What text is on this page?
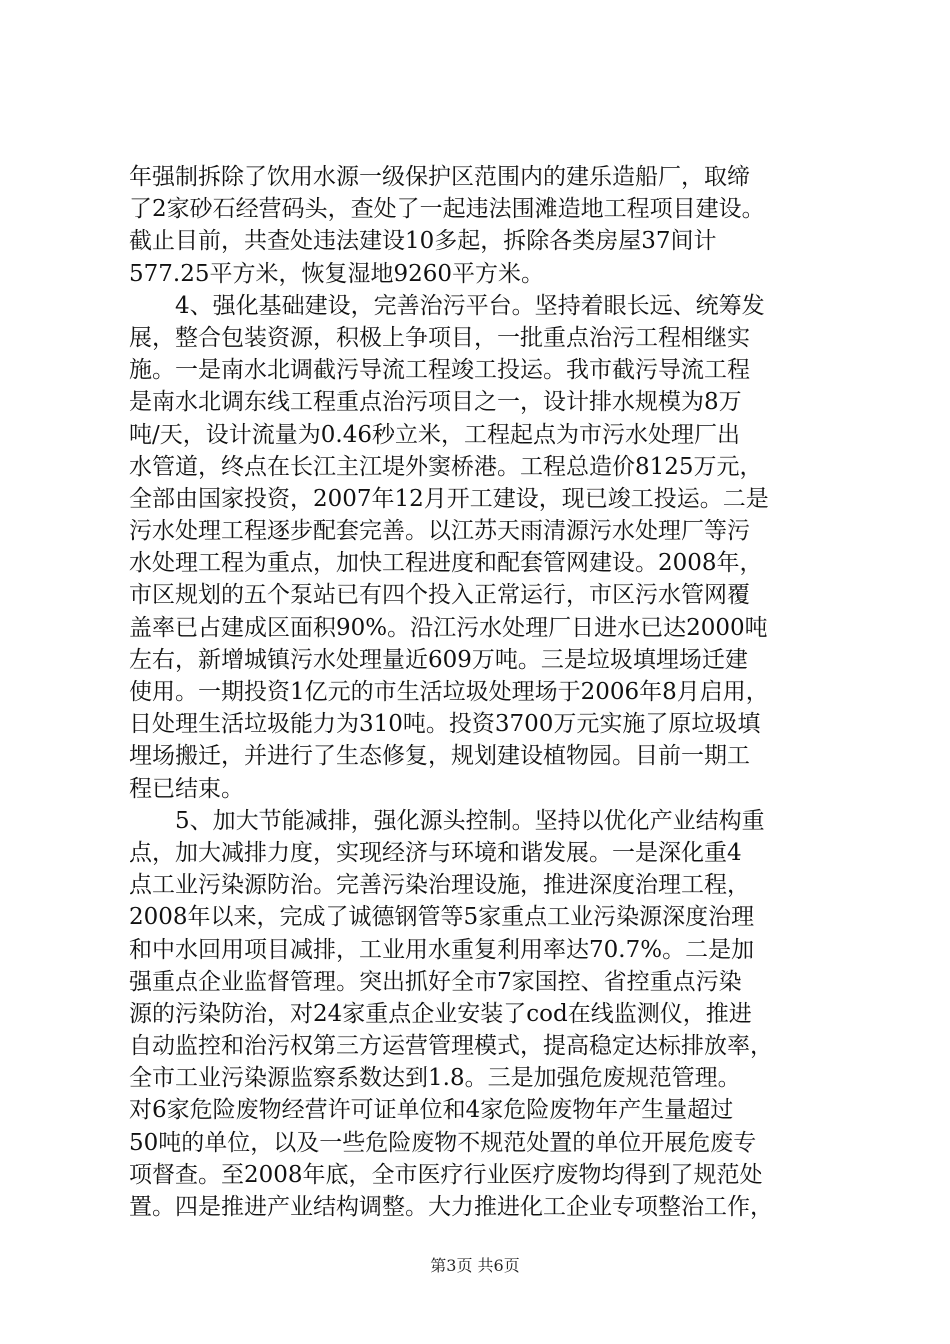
年强制拆除了饮用水源一级保护区范围内的建乐造船厂，取缔
了2家砂石经营码头，查处了一起违法围滩造地工程项目建设。
截止目前，共查处违法建设10多起，拆除各类房屋37间计
577.25平方米，恢复湿地9260平方米。
　　4、强化基础建设，完善治污平台。坚持着眼长远、统筹发
展，整合包装资源，积极上争项目，一批重点治污工程相继实
施。一是南水北调截污导流工程竣工投运。我市截污导流工程
是南水北调东线工程重点治污项目之一，设计排水规模为8万
吨/天，设计流量为0.46秒立米，工程起点为市污水处理厂出
水管道，终点在长江主江堤外窦桥港。工程总造价8125万元，
全部由国家投资，2007年12月开工建设，现已竣工投运。二是
污水处理工程逐步配套完善。以江苏天雨清源污水处理厂等污
水处理工程为重点，加快工程进度和配套管网建设。2008年，
市区规划的五个泵站已有四个投入正常运行，市区污水管网覆
盖率已占建成区面积90%。沿江污水处理厂日进水已达2000吨
左右，新增城镇污水处理量近609万吨。三是垃圾填埋场迁建
使用。一期投资1亿元的市生活垃圾处理场于2006年8月启用，
日处理生活垃圾能力为310吨。投资3700万元实施了原垃圾填
埋场搬迁，并进行了生态修复，规划建设植物园。目前一期工
程已结束。
　　5、加大节能减排，强化源头控制。坚持以优化产业结构重
点，加大减排力度，实现经济与环境和谐发展。一是深化重4
点工业污染源防治。完善污染治理设施，推进深度治理工程，
2008年以来，完成了诚德钢管等5家重点工业污染源深度治理
和中水回用项目减排，工业用水重复利用率达70.7%。二是加
强重点企业监督管理。突出抓好全市7家国控、省控重点污染
源的污染防治，对24家重点企业安装了cod在线监测仪，推进
自动监控和治污权第三方运营管理模式，提高稳定达标排放率，
全市工业污染源监察系数达到1.8。三是加强危废规范管理。
对6家危险废物经营许可证单位和4家危险废物年产生量超过
50吨的单位，以及一些危险废物不规范处置的单位开展危废专
项督查。至2008年底，全市医疗行业医疗废物均得到了规范处
置。四是推进产业结构调整。大力推进化工企业专项整治工作，
第3页 共6页
